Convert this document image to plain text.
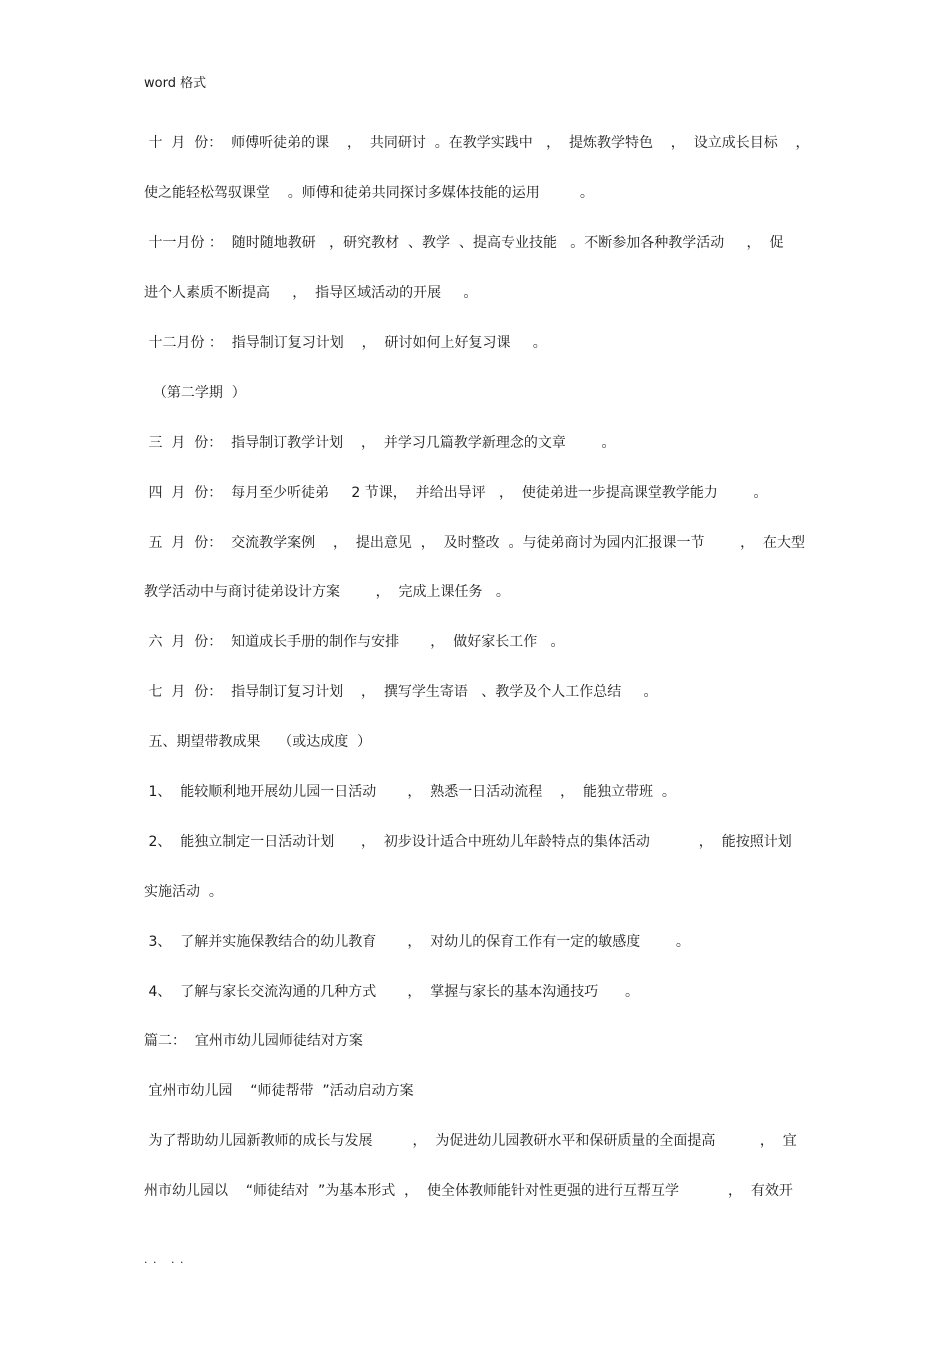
word 格式
十  月  份：  师傅听徒弟的课    ，  共同研讨  。在教学实践中   ，  提炼教学特色    ，  设立成长目标    ，
使之能轻松驾驭课堂    。师傅和徒弟共同探讨多媒体技能的运用         。
十一月份 ：  随时随地教研   ，研究教材  、教学  、提高专业技能   。不断参加各种教学活动     ，  促
进个人素质不断提高     ，  指导区域活动的开展     。
十二月份 ：  指导制订复习计划    ，  研讨如何上好复习课     。
（第二学期  ）
三  月  份：  指导制订教学计划    ，  并学习几篇教学新理念的文章        。
四  月  份：  每月至少听徒弟     2 节课，  并给出导评   ，  使徒弟进一步提高课堂教学能力        。
五  月  份：  交流教学案例    ，  提出意见  ，  及时整改  。与徒弟商讨为园内汇报课一节        ，  在大型
教学活动中与商讨徒弟设计方案        ，  完成上课任务   。
六  月  份：  知道成长手册的制作与安排       ，  做好家长工作   。
七  月  份：  指导制订复习计划    ，  撰写学生寄语   、教学及个人工作总结     。
五、期望带教成果    （或达成度  ）
1、  能较顺利地开展幼儿园一日活动       ，  熟悉一日活动流程    ，  能独立带班  。
2、  能独立制定一日活动计划      ，  初步设计适合中班幼儿年龄特点的集体活动           ，  能按照计划
实施活动  。
3、  了解并实施保教结合的幼儿教育       ，  对幼儿的保育工作有一定的敏感度        。
4、  了解与家长交流沟通的几种方式       ，  掌握与家长的基本沟通技巧      。
篇二：  宜州市幼儿园师徒结对方案
宜州市幼儿园    “师徒帮带  ”活动启动方案
为了帮助幼儿园新教师的成长与发展         ，  为促进幼儿园教研水平和保研质量的全面提高          ，  宜
州市幼儿园以    “师徒结对  ”为基本形式  ，  使全体教师能针对性更强的进行互帮互学           ，  有效开
. .   . .
